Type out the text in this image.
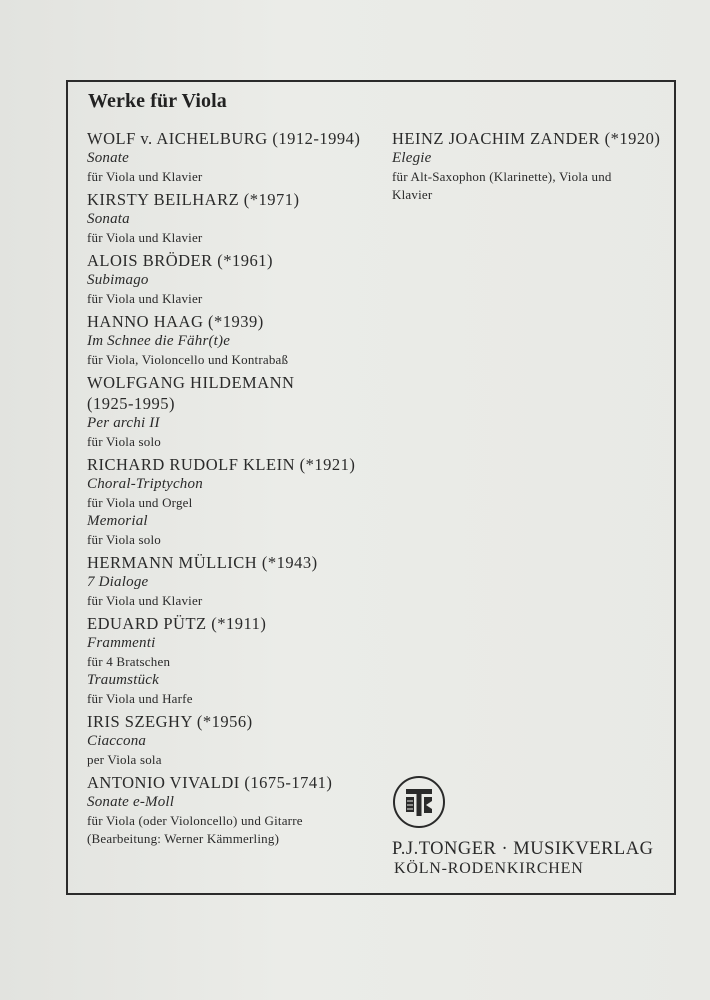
Werke für Viola
WOLF v. AICHELBURG (1912-1994)
Sonate
für Viola und Klavier
KIRSTY BEILHARZ (*1971)
Sonata
für Viola und Klavier
ALOIS BRÖDER (*1961)
Subimago
für Viola und Klavier
HANNO HAAG (*1939)
Im Schnee die Fähr(t)e
für Viola, Violoncello und Kontrabaß
WOLFGANG HILDEMANN
(1925-1995)
Per archi II
für Viola solo
RICHARD RUDOLF KLEIN (*1921)
Choral-Triptychon
für Viola und Orgel
Memorial
für Viola solo
HERMANN MÜLLICH (*1943)
7 Dialoge
für Viola und Klavier
EDUARD PÜTZ (*1911)
Frammenti
für 4 Bratschen
Traumstück
für Viola und Harfe
IRIS SZEGHY (*1956)
Ciaccona
per Viola sola
ANTONIO VIVALDI (1675-1741)
Sonate e-Moll
für Viola (oder Violoncello) und Gitarre
(Bearbeitung: Werner Kämmerling)
HEINZ JOACHIM ZANDER (*1920)
Elegie
für Alt-Saxophon (Klarinette), Viola und
Klavier
P.J.TONGER · MUSIKVERLAG
KÖLN-RODENKIRCHEN
